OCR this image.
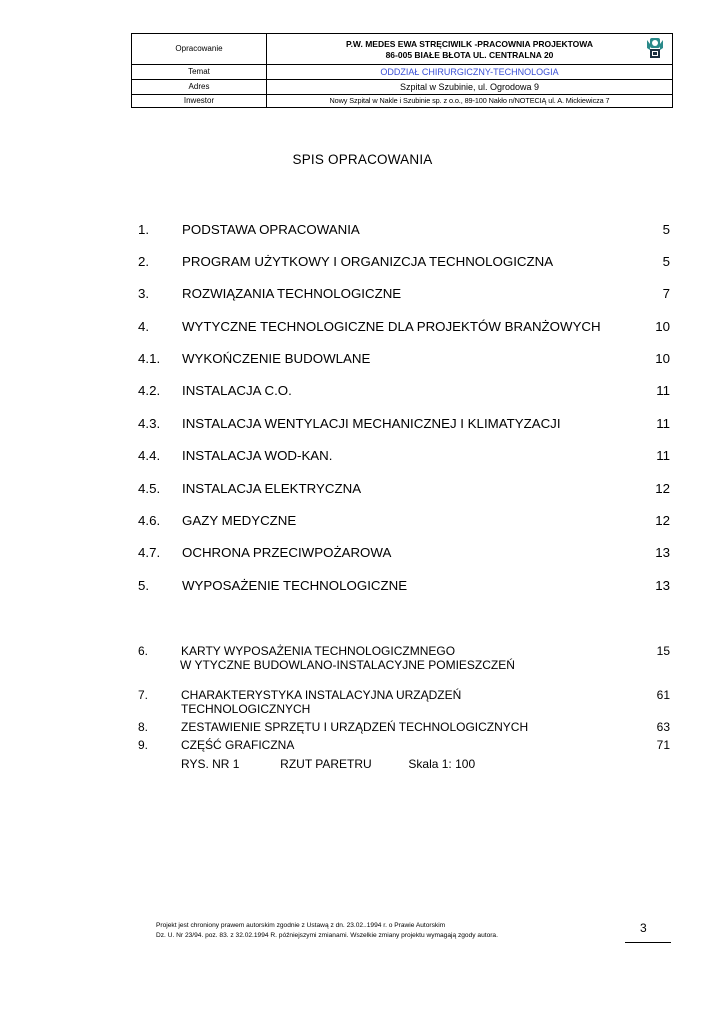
Opracowanie	P.W. MEDES EWA STRĘCIWILK -PRACOWNIA PROJEKTOWA
86-005 BIAŁE BŁOTA UL. CENTRALNA 20

Temat	ODDZIAŁ CHIRURGICZNY-TECHNOLOGIA
Adres	Szpital w Szubinie, ul. Ogrodowa 9
Inwestor	Nowy Szpital w Nakle i Szubinie sp. z o.o., 89-100 Nakło n/NOTECIĄ ul. A. Mickiewicza 7
SPIS OPRACOWANIA
1. PODSTAWA OPRACOWANIA	5
2. PROGRAM UŻYTKOWY I ORGANIZCJA TECHNOLOGICZNA	5
3. ROZWIĄZANIA TECHNOLOGICZNE	7
4. WYTYCZNE TECHNOLOGICZNE DLA PROJEKTÓW BRANŻOWYCH	10
4.1. WYKOŃCZENIE BUDOWLANE	10
4.2. INSTALACJA C.O.	11
4.3. INSTALACJA WENTYLACJI MECHANICZNEJ I KLIMATYZACJI	11
4.4. INSTALACJA WOD-KAN.	11
4.5. INSTALACJA ELEKTRYCZNA	12
4.6. GAZY MEDYCZNE	12
4.7. OCHRONA PRZECIWPOŻAROWA	13
5. WYPOSAŻENIE TECHNOLOGICZNE	13
6.	KARTY WYPOSAŻENIA TECHNOLOGICZMNEGO	15
W YTYCZNE BUDOWLANO-INSTALACYJNE POMIESZCZEŃ
7.	CHARAKTERYSTYKA INSTALACYJNA URZĄDZEŃ	61
TECHNOLOGICZNYCH
8.	ZESTAWIENIE SPRZĘTU I URZĄDZEŃ TECHNOLOGICZNYCH	63
9.	CZĘŚĆ GRAFICZNA	71
RYS. NR 1	RZUT PARETRU	Skala 1: 100
Projekt jest chroniony prawem autorskim zgodnie z Ustawą z dn. 23.02..1994 r. o Prawie Autorskim
Dz. U. Nr 23/94. poz. 83. z 32.02.1994 R. późniejszymi zmianami. Wszelkie zmiany projektu wymagają zgody autora.	3
